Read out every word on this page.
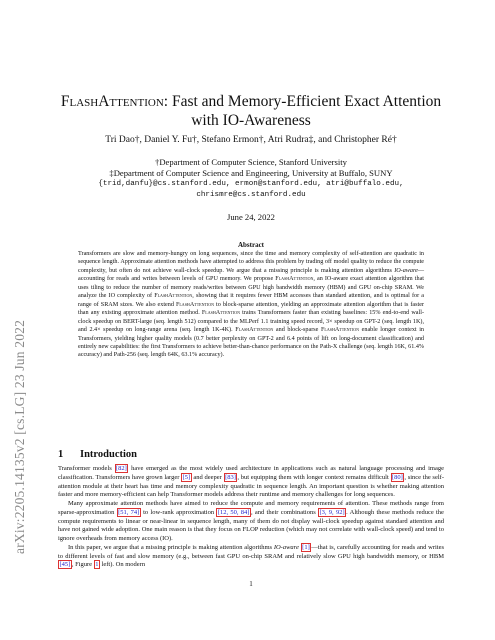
arXiv:2205.14135v2 [cs.LG] 23 Jun 2022
FlashAttention: Fast and Memory-Efficient Exact Attention with IO-Awareness
Tri Dao†, Daniel Y. Fu†, Stefano Ermon†, Atri Rudra‡, and Christopher Ré†
†Department of Computer Science, Stanford University
‡Department of Computer Science and Engineering, University at Buffalo, SUNY
{trid,danfu}@cs.stanford.edu, ermon@stanford.edu, atri@buffalo.edu,
chrismre@cs.stanford.edu
June 24, 2022
Abstract
Transformers are slow and memory-hungry on long sequences, since the time and memory complexity of self-attention are quadratic in sequence length. Approximate attention methods have attempted to address this problem by trading off model quality to reduce the compute complexity, but often do not achieve wall-clock speedup. We argue that a missing principle is making attention algorithms IO-aware—accounting for reads and writes between levels of GPU memory. We propose FlashAttention, an IO-aware exact attention algorithm that uses tiling to reduce the number of memory reads/writes between GPU high bandwidth memory (HBM) and GPU on-chip SRAM. We analyze the IO complexity of FlashAttention, showing that it requires fewer HBM accesses than standard attention, and is optimal for a range of SRAM sizes. We also extend FlashAttention to block-sparse attention, yielding an approximate attention algorithm that is faster than any existing approximate attention method. FlashAttention trains Transformers faster than existing baselines: 15% end-to-end wall-clock speedup on BERT-large (seq. length 512) compared to the MLPerf 1.1 training speed record, 3× speedup on GPT-2 (seq. length 1K), and 2.4× speedup on long-range arena (seq. length 1K-4K). FlashAttention and block-sparse FlashAttention enable longer context in Transformers, yielding higher quality models (0.7 better perplexity on GPT-2 and 6.4 points of lift on long-document classification) and entirely new capabilities: the first Transformers to achieve better-than-chance performance on the Path-X challenge (seq. length 16K, 61.4% accuracy) and Path-256 (seq. length 64K, 63.1% accuracy).
1 Introduction

Transformer models [82] have emerged as the most widely used architecture in applications such as natural language processing and image classification. Transformers have grown larger [5] and deeper [83] , but equipping them with longer context remains difficult [80] , since the self-attention module at their heart has time and memory complexity quadratic in sequence length. An important question is whether making attention faster and more memory-efficient can help Transformer models address their runtime and memory challenges for long sequences.

Many approximate attention methods have aimed to reduce the compute and memory requirements of attention. These methods range from sparse-approximation [51, 74] to low-rank approximation [12, 50, 84] , and their combinations [3, 9, 92] . Although these methods reduce the compute requirements to linear or near-linear in sequence length, many of them do not display wall-clock speedup against standard attention and have not gained wide adoption. One main reason is that they focus on FLOP reduction (which may not correlate with wall-clock speed) and tend to ignore overheads from memory access (IO).

In this paper, we argue that a missing principle is making attention algorithms IO-aware [1] —that is, carefully accounting for reads and writes to different levels of fast and slow memory (e.g., between fast GPU on-chip SRAM and relatively slow GPU high bandwidth memory, or HBM [45] , Figure 1 left). On modern

1
